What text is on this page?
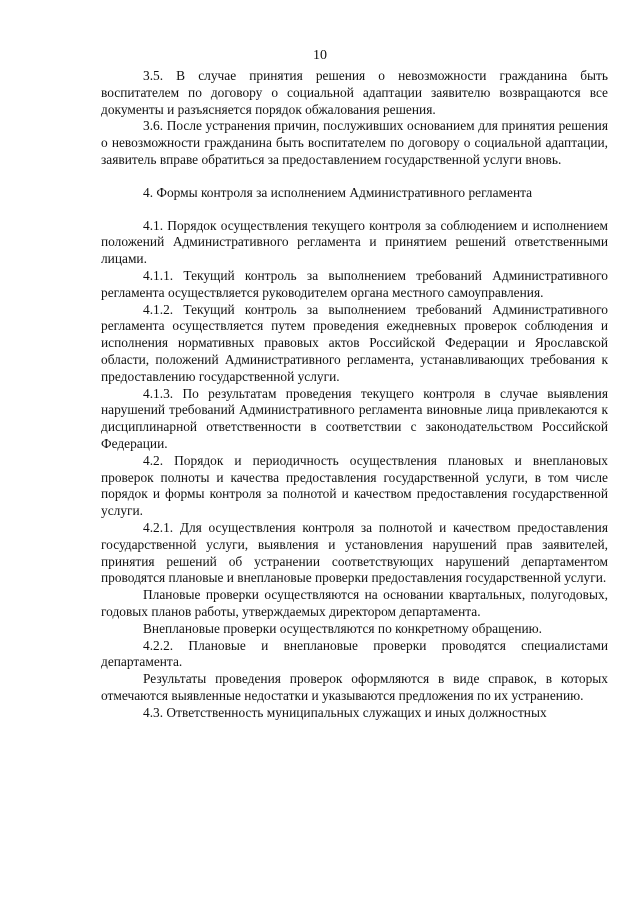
10

3.5. В случае принятия решения о невозможности гражданина быть воспитателем по договору о социальной адаптации заявителю возвращаются все документы и разъясняется порядок обжалования решения.

3.6. После устранения причин, послуживших основанием для принятия решения о невозможности гражданина быть воспитателем по договору о социальной адаптации, заявитель вправе обратиться за предоставлением государственной услуги вновь.

4. Формы контроля за исполнением Административного регламента

4.1. Порядок осуществления текущего контроля за соблюдением и исполнением положений Административного регламента и принятием решений ответственными лицами.

4.1.1. Текущий контроль за выполнением требований Административного регламента осуществляется руководителем органа местного самоуправления.

4.1.2. Текущий контроль за выполнением требований Административного регламента осуществляется путем проведения ежедневных проверок соблюдения и исполнения нормативных правовых актов Российской Федерации и Ярославской области, положений Административного регламента, устанавливающих требования к предоставлению государственной услуги.

4.1.3. По результатам проведения текущего контроля в случае выявления нарушений требований Административного регламента виновные лица привлекаются к дисциплинарной ответственности в соответствии с законодательством Российской Федерации.

4.2. Порядок и периодичность осуществления плановых и внеплановых проверок полноты и качества предоставления государственной услуги, в том числе порядок и формы контроля за полнотой и качеством предоставления государственной услуги.

4.2.1. Для осуществления контроля за полнотой и качеством предоставления государственной услуги, выявления и установления нарушений прав заявителей, принятия решений об устранении соответствующих нарушений департаментом проводятся плановые и внеплановые проверки предоставления государственной услуги.

Плановые проверки осуществляются на основании квартальных, полугодовых, годовых планов работы, утверждаемых директором департамента.

Внеплановые проверки осуществляются по конкретному обращению.

4.2.2. Плановые и внеплановые проверки проводятся специалистами департамента.

Результаты проведения проверок оформляются в виде справок, в которых отмечаются выявленные недостатки и указываются предложения по их устранению.

4.3. Ответственность муниципальных служащих и иных должностных
